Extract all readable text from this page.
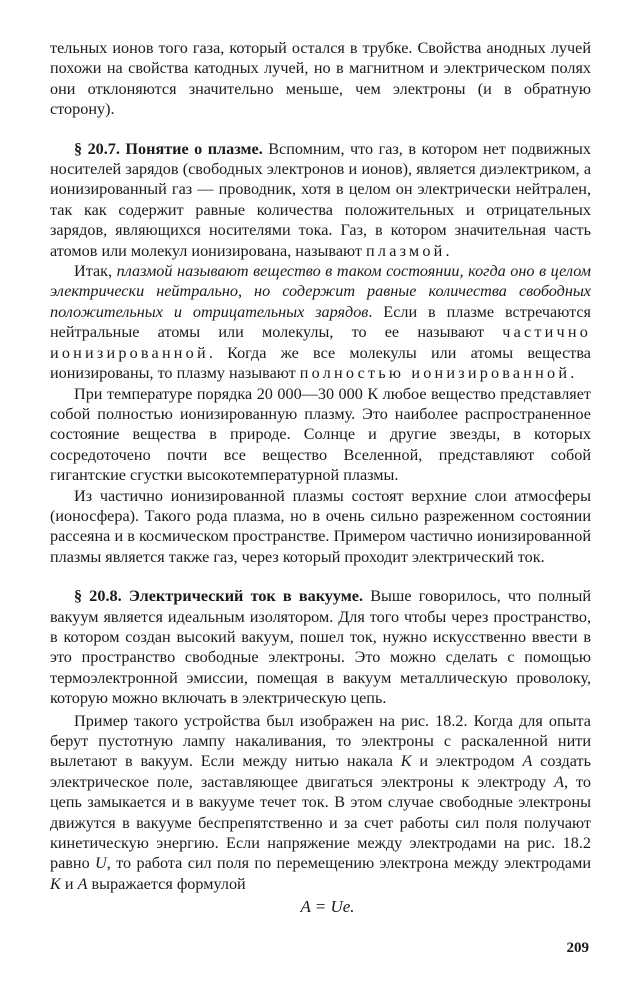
тельных ионов того газа, который остался в трубке. Свойства анодных лучей похожи на свойства катодных лучей, но в магнитном и электрическом полях они отклоняются значительно меньше, чем электроны (и в обратную сторону).

§ 20.7. Понятие о плазме. Вспомним, что газ, в котором нет подвижных носителей зарядов (свободных электронов и ионов), является диэлектриком, а ионизированный газ — проводник, хотя в целом он электрически нейтрален, так как содержит равные количества положительных и отрицательных зарядов, являющихся носителями тока. Газ, в котором значительная часть атомов или молекул ионизирована, называют плазмой.

Итак, плазмой называют вещество в таком состоянии, когда оно в целом электрически нейтрально, но содержит равные количества свободных положительных и отрицательных зарядов. Если в плазме встречаются нейтральные атомы или молекулы, то ее называют частично ионизированной. Когда же все молекулы или атомы вещества ионизированы, то плазму называют полностью ионизированной.

При температуре порядка 20 000—30 000 К любое вещество представляет собой полностью ионизированную плазму. Это наиболее распространенное состояние вещества в природе. Солнце и другие звезды, в которых сосредоточено почти все вещество Вселенной, представляют собой гигантские сгустки высокотемпературной плазмы.

Из частично ионизированной плазмы состоят верхние слои атмосферы (ионосфера). Такого рода плазма, но в очень сильно разреженном состоянии рассеяна и в космическом пространстве. Примером частично ионизированной плазмы является также газ, через который проходит электрический ток.

§ 20.8. Электрический ток в вакууме. Выше говорилось, что полный вакуум является идеальным изолятором. Для того чтобы через пространство, в котором создан высокий вакуум, пошел ток, нужно искусственно ввести в это пространство свободные электроны. Это можно сделать с помощью термоэлектронной эмиссии, помещая в вакуум металлическую проволоку, которую можно включать в электрическую цепь.

Пример такого устройства был изображен на рис. 18.2. Когда для опыта берут пустотную лампу накаливания, то электроны с раскаленной нити вылетают в вакуум. Если между нитью накала K и электродом A создать электрическое поле, заставляющее двигаться электроны к электроду A, то цепь замыкается и в вакууме течет ток. В этом случае свободные электроны движутся в вакууме беспрепятственно и за счет работы сил поля получают кинетическую энергию. Если напряжение между электродами на рис. 18.2 равно U, то работа сил поля по перемещению электрона между электродами K и A выражается формулой

A = Ue.

209
